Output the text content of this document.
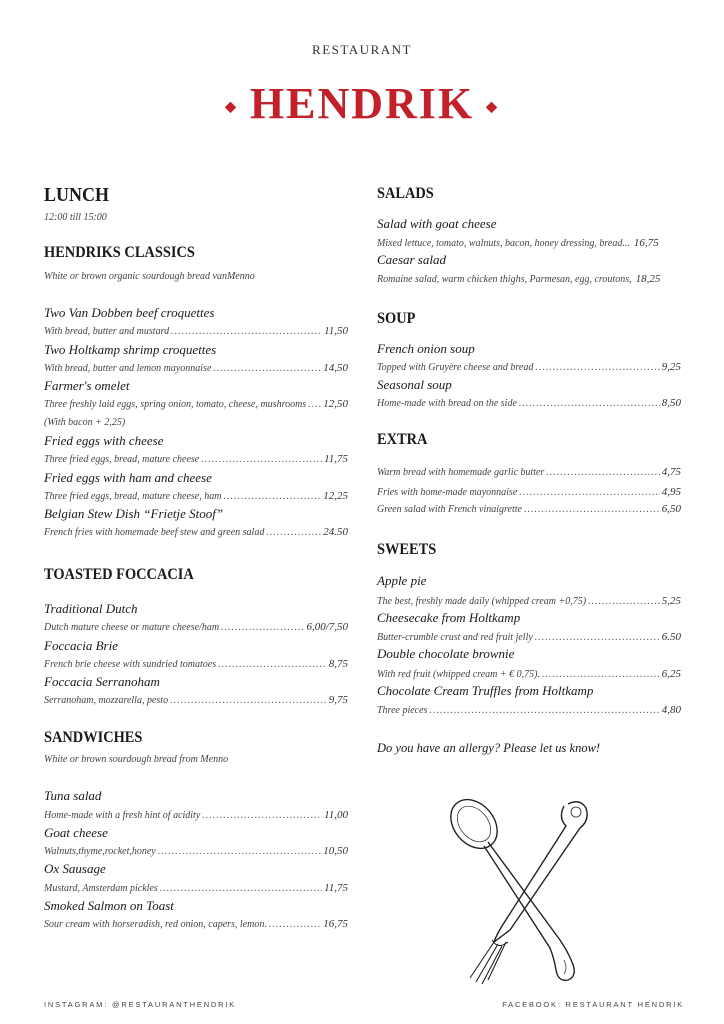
RESTAURANT
◆ HENDRIK ◆
LUNCH
12:00 till 15:00
HENDRIKS CLASSICS
White or brown organic sourdough bread vanMenno
Two Van Dobben beef croquettes
With bread, butter and mustard .....	11,50
Two Holtkamp shrimp croquettes
With bread, butter and lemon mayonnaise .....	14,50
Farmer's omelet
Three freshly laid eggs, spring onion, tomato, cheese, mushrooms ..... 12,50
(With bacon + 2,25)
Fried eggs with cheese
Three fried eggs, bread, mature cheese .....	11,75
Fried eggs with ham and cheese
Three fried eggs, bread, mature cheese, ham .....	12,25
Belgian Stew Dish “Frietje Stoof”
French fries with homemade beef stew and green salad .....	24.50
TOASTED FOCCACIA
Traditional Dutch
Dutch mature cheese or mature cheese/ham .....	6,00/7,50
Foccacia Brie
French brie cheese with sundried tomatoes .....	8,75
Foccacia Serranoham
Serranoham, mozzarella, pesto .....	9,75
SANDWICHES
White or brown sourdough bread from Menno
Tuna salad
Home-made with a fresh hint of acidity .....	11,00
Goat cheese
Walnuts,thyme,rocket,honey .....	10,50
Ox Sausage
Mustard, Amsterdam pickles .....	11,75
Smoked Salmon on Toast
Sour cream with horseradish, red onion, capers, lemon. .....	16,75
SALADS
Salad with goat cheese
Mixed lettuce, tomato, walnuts, bacon, honey dressing, bread... 16,75
Caesar salad
Romaine salad, warm chicken thighs, Parmesan, egg, croutons, 18,25
SOUP
French onion soup
Topped with Gruyère cheese and bread .....	9,25
Seasonal soup
Home-made with bread on the side .....	8,50
EXTRA
Warm bread with homemade garlic butter .....	4,75
Fries with home-made mayonnaise .....	4,95
Green salad with French vinaigrette .....	6,50
SWEETS
Apple pie
The best, freshly made daily (whipped cream +0,75) .....	5,25
Cheesecake from Holtkamp
Butter-crumble crust and red fruit jelly .....	6.50
Double chocolate brownie
With red fruit (whipped cream + € 0,75). .....	6,25
Chocolate Cream Truffles from Holtkamp
Three pieces .....	4,80
Do you have an allergy? Please let us know!
INSTAGRAM: @RESTAURANTHENDRIK	FACEBOOK: RESTAURANT HENDRIK
